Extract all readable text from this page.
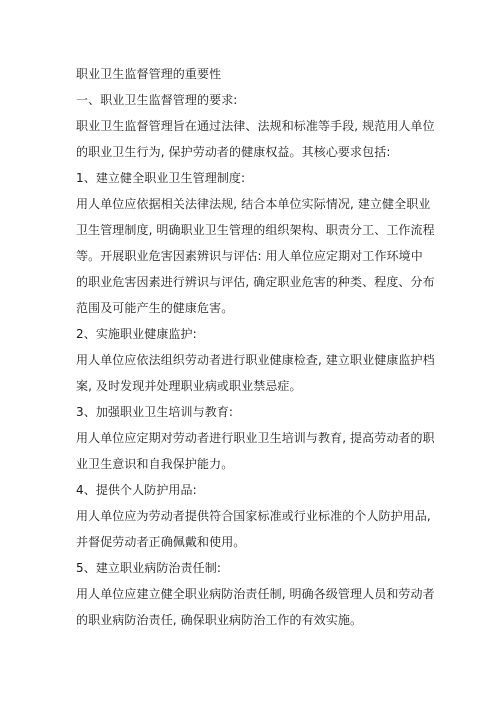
职业卫生监督管理的重要性
一、职业卫生监督管理的要求:
职业卫生监督管理旨在通过法律、法规和标准等手段, 规范用人单位
的职业卫生行为, 保护劳动者的健康权益。其核心要求包括:
1、建立健全职业卫生管理制度:
用人单位应依据相关法律法规, 结合本单位实际情况, 建立健全职业
卫生管理制度, 明确职业卫生管理的组织架构、职责分工、工作流程
等。开展职业危害因素辨识与评估: 用人单位应定期对工作环境中
的职业危害因素进行辨识与评估, 确定职业危害的种类、程度、分布
范围及可能产生的健康危害。
2、实施职业健康监护:
用人单位应依法组织劳动者进行职业健康检查, 建立职业健康监护档
案, 及时发现并处理职业病或职业禁忌症。
3、加强职业卫生培训与教育:
用人单位应定期对劳动者进行职业卫生培训与教育, 提高劳动者的职
业卫生意识和自我保护能力。
4、提供个人防护用品:
用人单位应为劳动者提供符合国家标准或行业标准的个人防护用品,
并督促劳动者正确佩戴和使用。
5、建立职业病防治责任制:
用人单位应建立健全职业病防治责任制, 明确各级管理人员和劳动者
的职业病防治责任, 确保职业病防治工作的有效实施。
